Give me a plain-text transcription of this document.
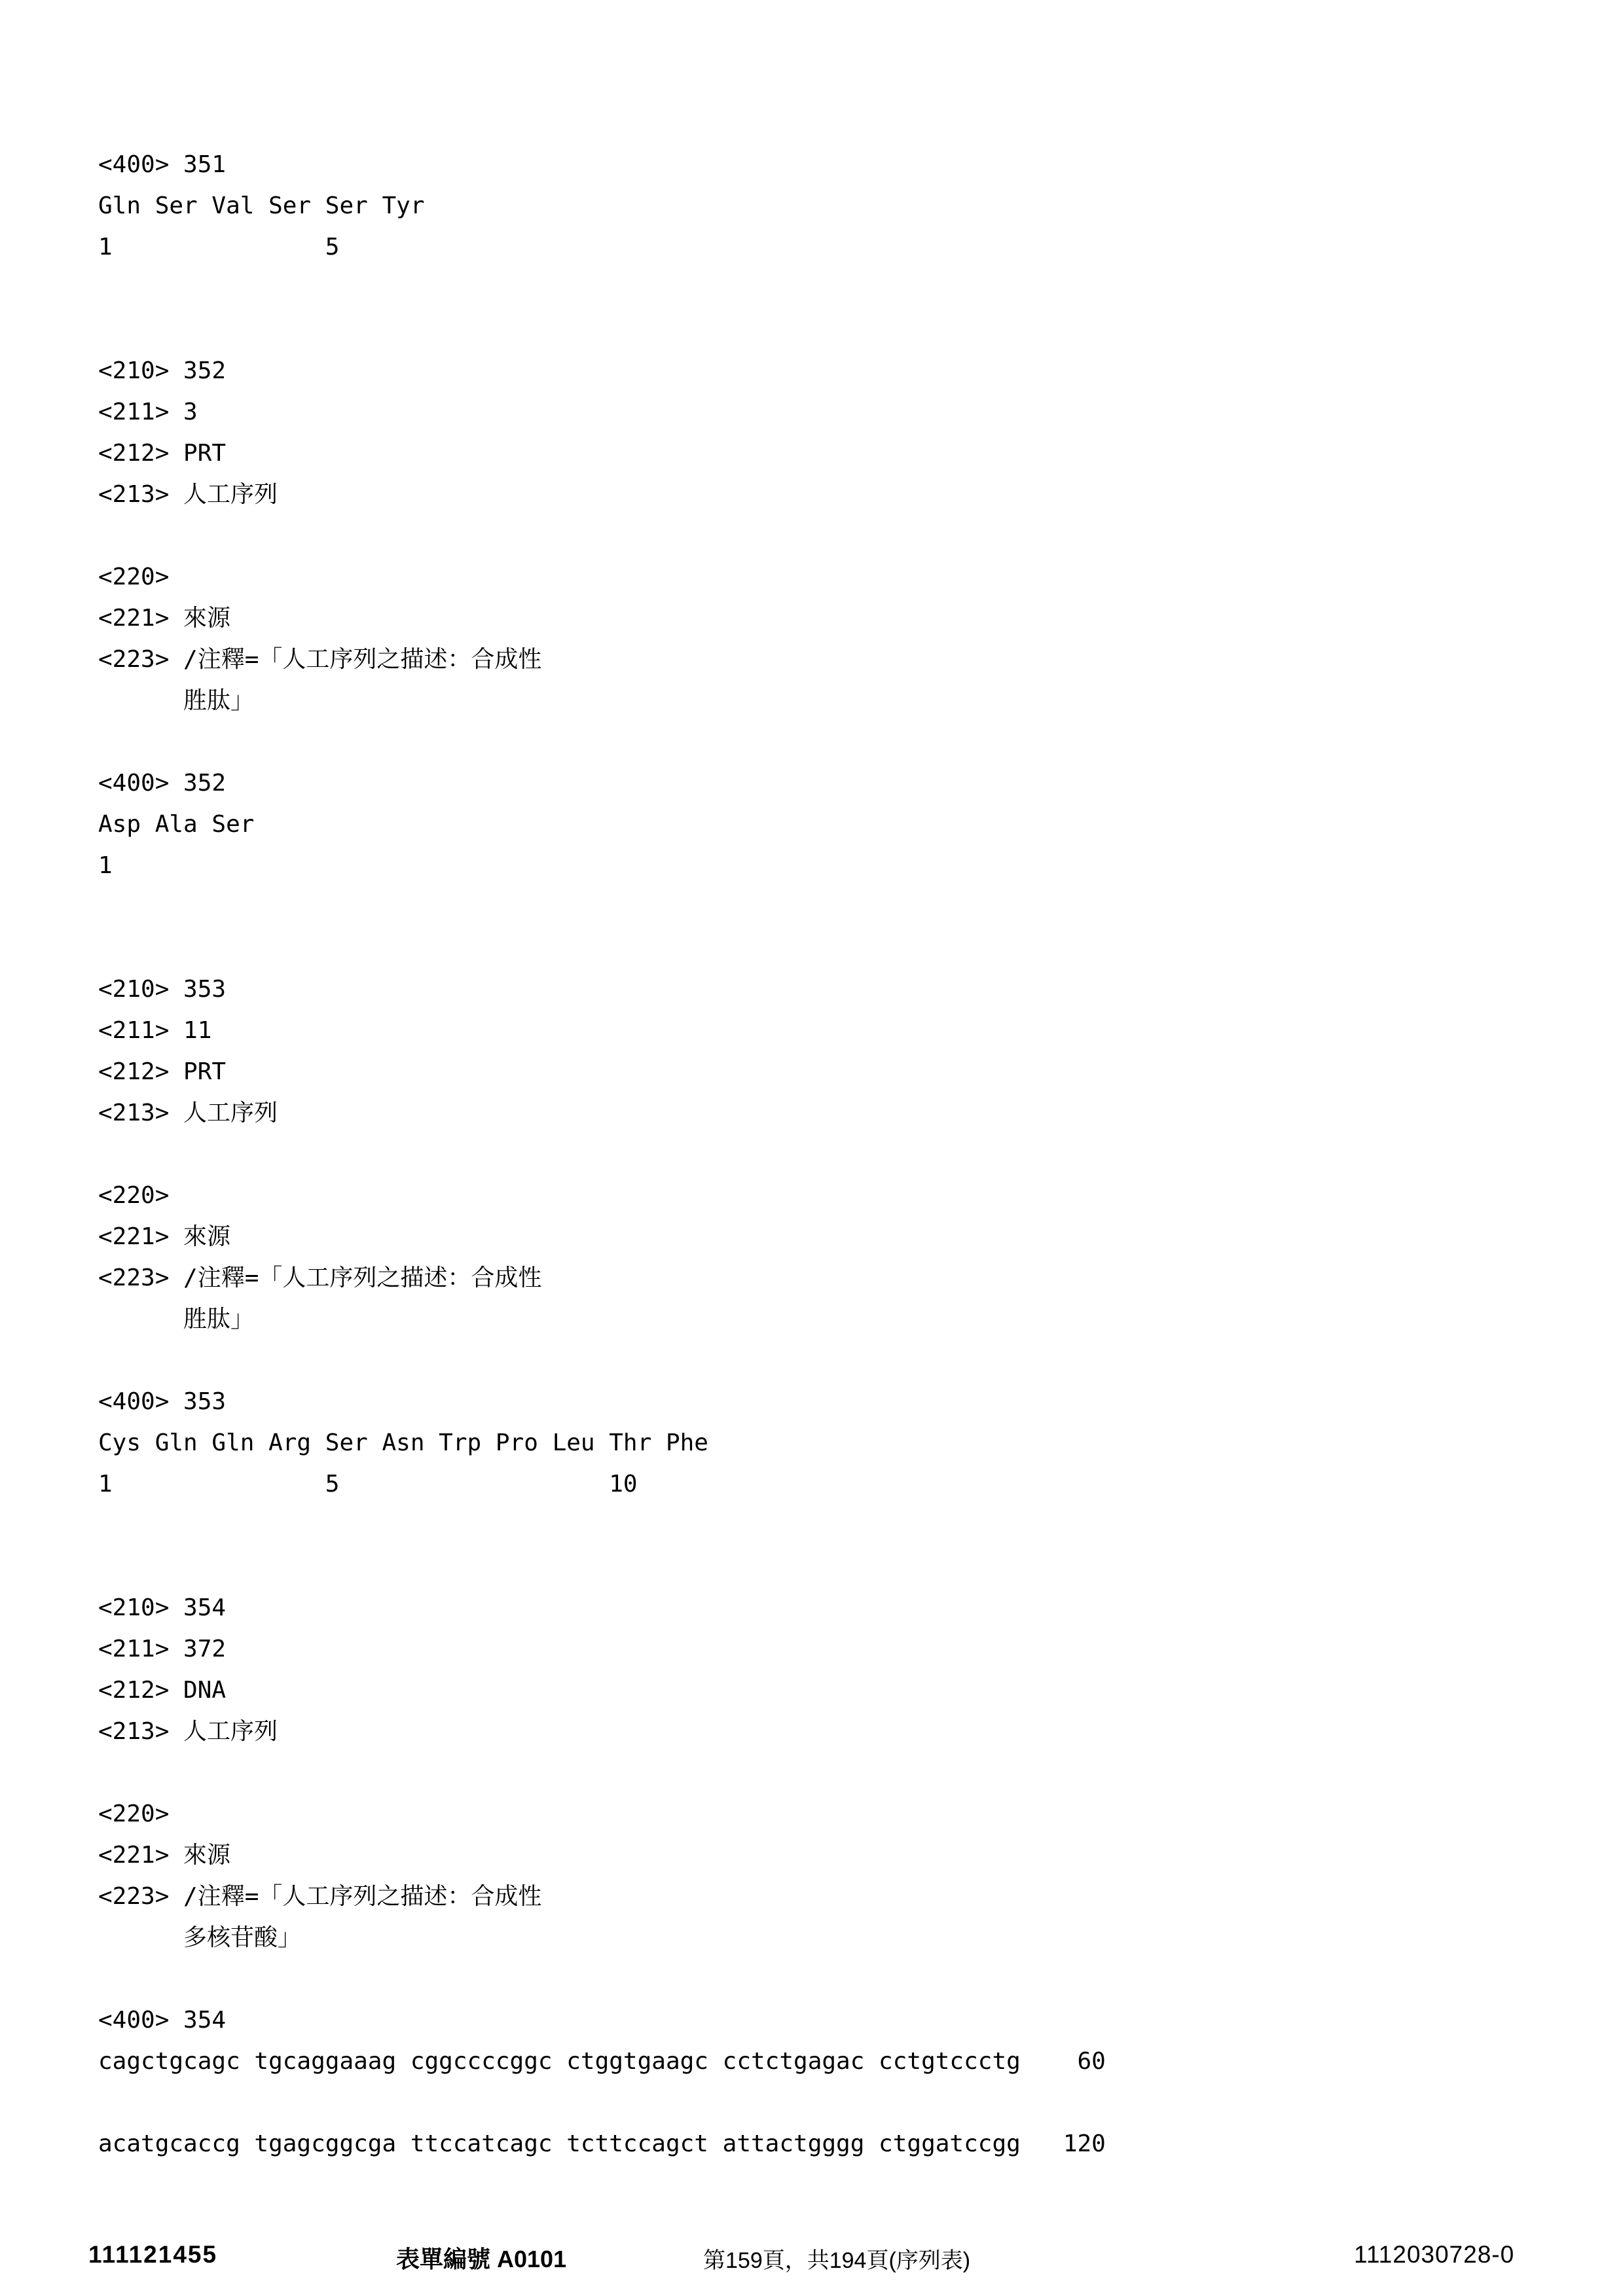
<400> 351
Gln Ser Val Ser Ser Tyr
1               5
<210> 352
<211> 3
<212> PRT
<213> 人工序列
<220>
<221> 來源
<223> /注釋=「人工序列之描述：合成性
胜肽」
<400> 352
Asp Ala Ser
1
<210> 353
<211> 11
<212> PRT
<213> 人工序列
<220>
<221> 來源
<223> /注釋=「人工序列之描述：合成性
胜肽」
<400> 353
Cys Gln Gln Arg Ser Asn Trp Pro Leu Thr Phe
1               5                   10
<210> 354
<211> 372
<212> DNA
<213> 人工序列
<220>
<221> 來源
<223> /注釋=「人工序列之描述：合成性
多核苷酸」
<400> 354
cagctgcagc tgcaggaaag cggccccggc ctggtgaagc cctctgagac cctgtccctg    60
acatgcaccg tgagcggcga ttccatcagc tcttccagct attactgggg ctggatccgg   120
111121455	表單編號 A0101	第159頁，共194頁(序列表)	1112030728-0
